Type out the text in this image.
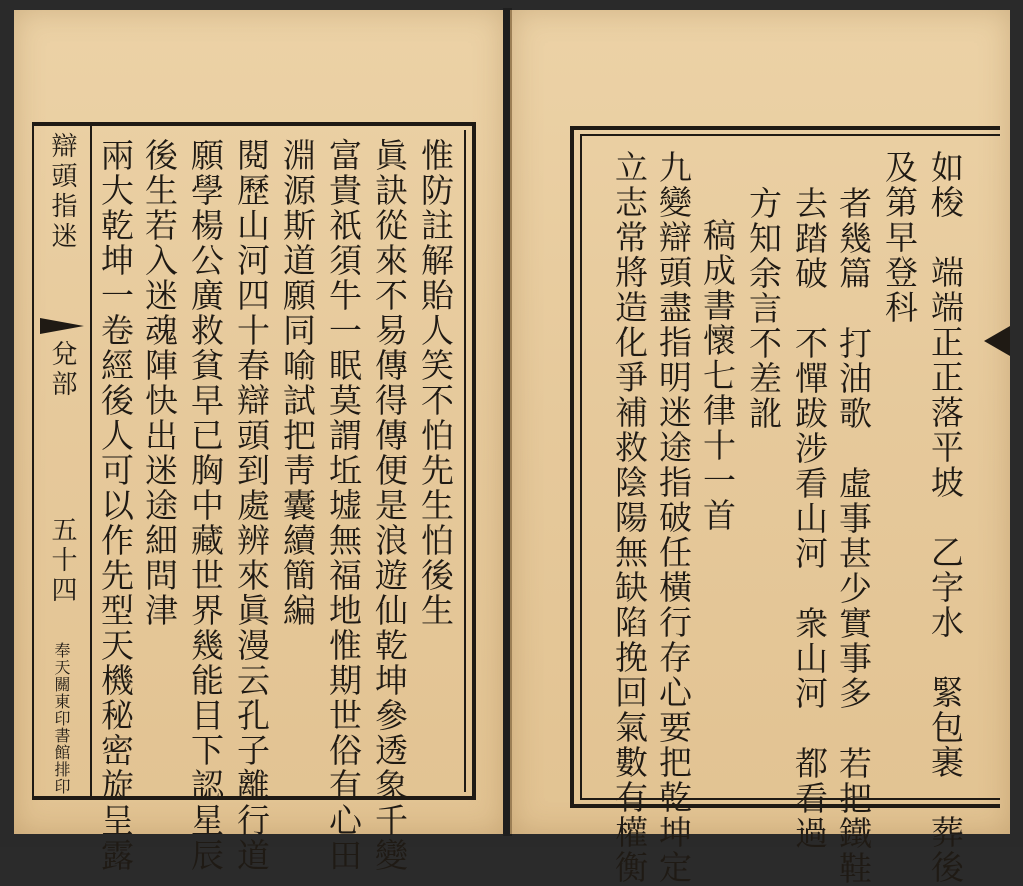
辯頭指迷
兌部
五十四
奉天關東印書館排印
惟防註解貽人笑不怕先生怕後生
眞訣從來不易傳得傳便是浪遊仙乾坤參透象千變
富貴祇須牛一眠莫謂坵墟無福地惟期世俗有心田
淵源斯道願同喻試把靑囊續簡編
閱歷山河四十春辯頭到處辨來眞漫云孔子離行道
願學楊公廣救貧早已胸中藏世界幾能目下認星辰
後生若入迷魂陣快出迷途細問津
兩大乾坤一卷經後人可以作先型天機秘密旋呈露	如梭　端端正正落平坡　乙字水　緊包裹　葬後
及第早登科
者幾篇　打油歌　虛事甚少實事多　若把鐵鞋
去踏破　不憚跋涉看山河　衆山河　都看過
方知余言不差訛
稿成書懷七律十一首
九變辯頭盡指明迷途指破任橫行存心要把乾坤定
立志常將造化爭補救陰陽無缺陷挽回氣數有權衡
